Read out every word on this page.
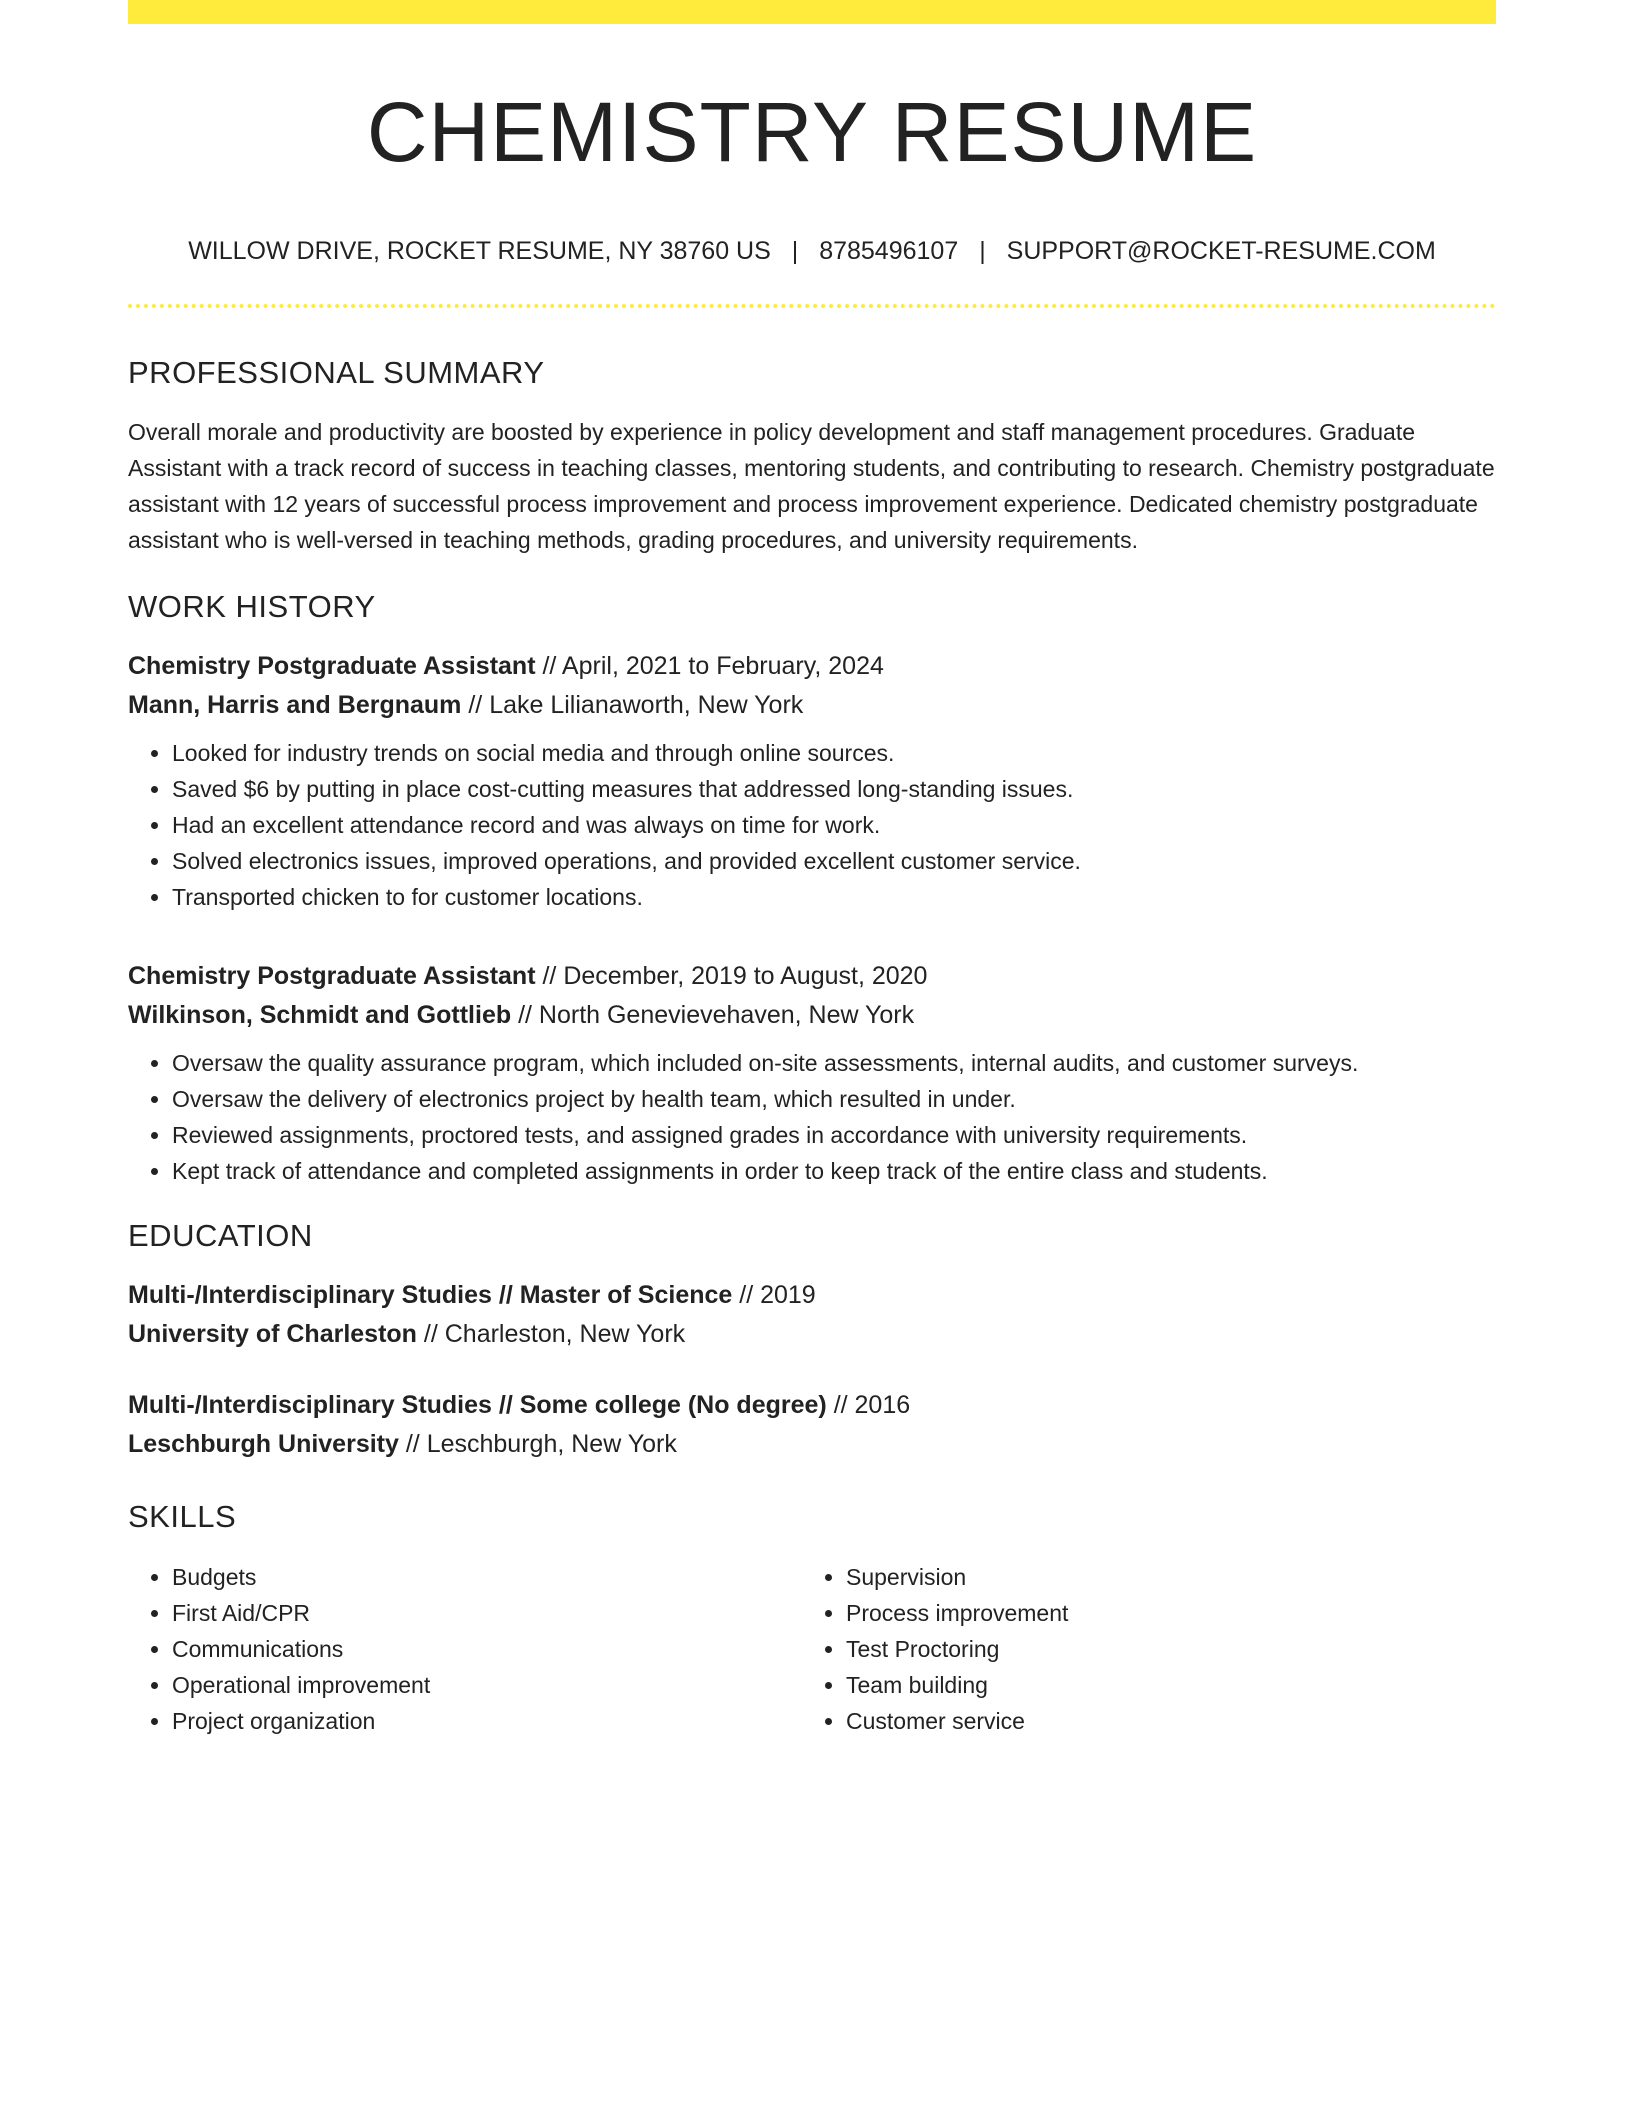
CHEMISTRY RESUME
WILLOW DRIVE, ROCKET RESUME, NY 38760 US | 8785496107 | SUPPORT@ROCKET-RESUME.COM
PROFESSIONAL SUMMARY
Overall morale and productivity are boosted by experience in policy development and staff management procedures. Graduate Assistant with a track record of success in teaching classes, mentoring students, and contributing to research. Chemistry postgraduate assistant with 12 years of successful process improvement and process improvement experience. Dedicated chemistry postgraduate assistant who is well-versed in teaching methods, grading procedures, and university requirements.
WORK HISTORY
Chemistry Postgraduate Assistant // April, 2021 to February, 2024
Mann, Harris and Bergnaum // Lake Lilianaworth, New York
• Looked for industry trends on social media and through online sources.
• Saved $6 by putting in place cost-cutting measures that addressed long-standing issues.
• Had an excellent attendance record and was always on time for work.
• Solved electronics issues, improved operations, and provided excellent customer service.
• Transported chicken to for customer locations.
Chemistry Postgraduate Assistant // December, 2019 to August, 2020
Wilkinson, Schmidt and Gottlieb // North Genevievehaven, New York
• Oversaw the quality assurance program, which included on-site assessments, internal audits, and customer surveys.
• Oversaw the delivery of electronics project by health team, which resulted in under.
• Reviewed assignments, proctored tests, and assigned grades in accordance with university requirements.
• Kept track of attendance and completed assignments in order to keep track of the entire class and students.
EDUCATION
Multi-/Interdisciplinary Studies // Master of Science // 2019
University of Charleston // Charleston, New York
Multi-/Interdisciplinary Studies // Some college (No degree) // 2016
Leschburgh University // Leschburgh, New York
SKILLS
• Budgets
• First Aid/CPR
• Communications
• Operational improvement
• Project organization
• Supervision
• Process improvement
• Test Proctoring
• Team building
• Customer service
